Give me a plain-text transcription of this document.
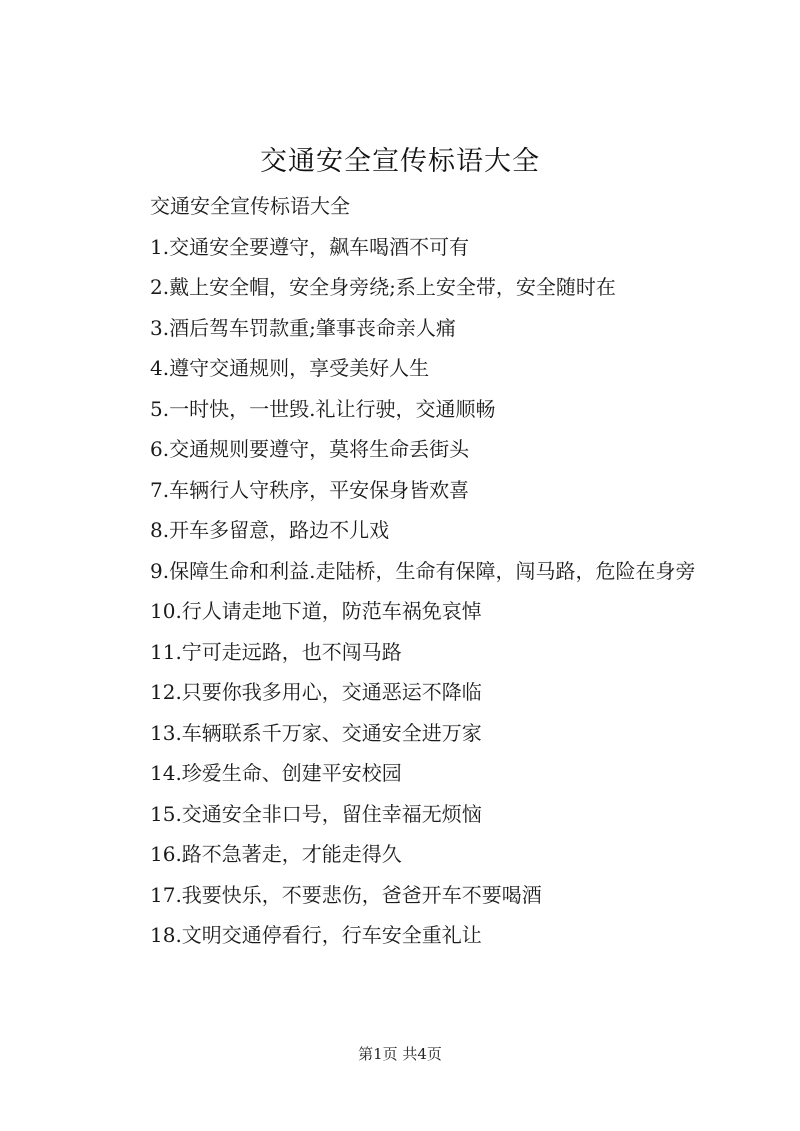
交通安全宣传标语大全

交通安全宣传标语大全

1.交通安全要遵守，飙车喝酒不可有

2.戴上安全帽，安全身旁绕;系上安全带，安全随时在

3.酒后驾车罚款重;肇事丧命亲人痛

4.遵守交通规则，享受美好人生

5.一时快，一世毁.礼让行驶，交通顺畅

6.交通规则要遵守，莫将生命丢街头

7.车辆行人守秩序，平安保身皆欢喜

8.开车多留意，路边不儿戏

9.保障生命和利益.走陆桥，生命有保障，闯马路，危险在身旁

10.行人请走地下道，防范车祸免哀悼

11.宁可走远路，也不闯马路

12.只要你我多用心，交通恶运不降临

13.车辆联系千万家、交通安全进万家

14.珍爱生命、创建平安校园

15.交通安全非口号，留住幸福无烦恼

16.路不急著走，才能走得久

17.我要快乐，不要悲伤，爸爸开车不要喝酒

18.文明交通停看行，行车安全重礼让

第1页 共4页
